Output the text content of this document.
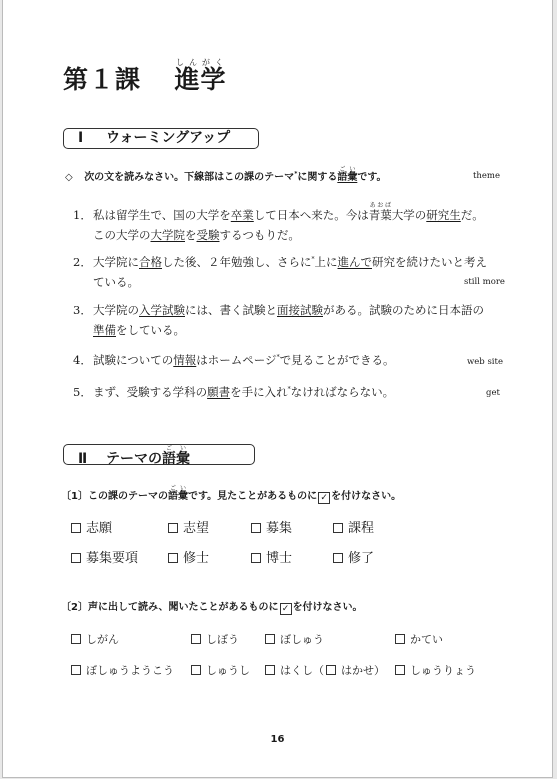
第１課 進学しんがく
Ⅰ ウォーミングアップ
◇ 次の文を読みなさい。下線部はこの課のテーマ*に関する語彙ごいです。	theme
1．私は留学生で、国の大学を卒業して日本へ来た。今は青葉あおば大学の研究生だ。
この大学の大学院を受験するつもりだ。
2．大学院に合格した後、２年勉強し、さらに*上に進んで研究を続けたいと考え
ている。	still more
3．大学院の入学試験には、書く試験と面接試験がある。試験のために日本語の
準備をしている。
4．試験についての情報はホームページ*で見ることができる。	web site
5．まず、受験する学科の願書を手に入れ*なければならない。	get
Ⅱ テーマの語彙ごい
〔1〕この課のテーマの語彙ごいです。見たことがあるものに ✓ を付けなさい。
志願	志望	募集	課程
募集要項	修士	博士	修了
〔2〕声に出して読み、聞いたことがあるものに ✓ を付けなさい。
しがん	しぼう	ぼしゅう	かてい
ぼしゅうようこう	しゅうし	はくし（ はかせ）	しゅうりょう
16
